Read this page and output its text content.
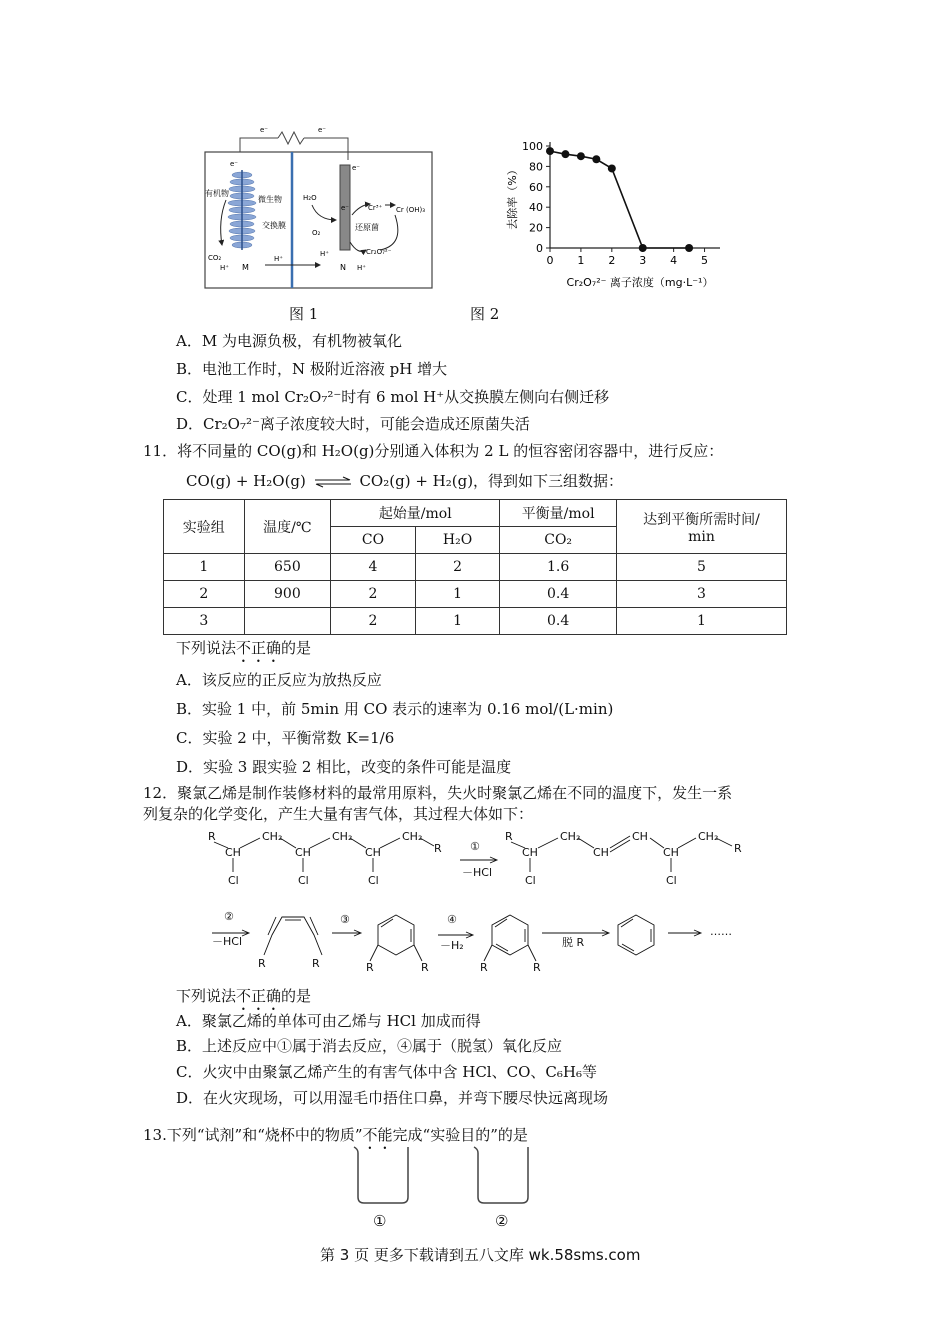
e⁻	e⁻
e⁻	e⁻
e⁻
有机物
微生物
交换膜
H₂O
O₂
H⁺
Cr³⁺ Cr (OH)₃
还原菌
Cr₂O₇²⁻
CO₂
H⁺ M
H⁺
N H⁺
图 1
0
20
40
60
80
100
0 1 2 3 4 5
去除率（%）
Cr₂O₇²⁻ 离子浓度（mg·L⁻¹）
图 2
A．M 为电源负极，有机物被氧化
B．电池工作时，N 极附近溶液 pH 增大
C．处理 1 mol Cr₂O₇²⁻时有 6 mol H⁺从交换膜左侧向右侧迁移
D．Cr₂O₇²⁻离子浓度较大时，可能会造成还原菌失活
11．将不同量的 CO(g)和 H₂O(g)分别通入体积为 2 L 的恒容密闭容器中，进行反应：
CO(g) + H₂O(g) ⇌ CO₂(g) + H₂(g)，得到如下三组数据：
实验组	温度/℃	起始量/mol		平衡量/mol	达到平衡所需时间/
min
		CO	H₂O	CO₂	
1	650	4	2	1.6	5
2	900	2	1	0.4	3
3		2	1	0.4	1
下列说法不正确的是
A．该反应的正反应为放热反应
B．实验 1 中，前 5min 用 CO 表示的速率为 0.16 mol/(L·min)
C．实验 2 中，平衡常数 K=1/6
D．实验 3 跟实验 2 相比，改变的条件可能是温度
12．聚氯乙烯是制作装修材料的最常用原料，失火时聚氯乙烯在不同的温度下，发生一系
列复杂的化学变化，产生大量有害气体，其过程大体如下：
R
CH
Cl
CH₂
CH
Cl
CH₂
CH
Cl
CH₂
R	①
－HCl
R
CH
Cl
CH₂
CH
CH
CH
Cl
CH₂
R
②
－HCl
R	R
③
R	R
④
－H₂
R	R
脱 R
……
下列说法不正确的是
A．聚氯乙烯的单体可由乙烯与 HCl 加成而得
B．上述反应中①属于消去反应，④属于（脱氢）氧化反应
C．火灾中由聚氯乙烯产生的有害气体中含 HCl、CO、C₆H₆等
D．在火灾现场，可以用湿毛巾捂住口鼻，并弯下腰尽快远离现场
13.下列“试剂”和“烧杯中的物质”不能完成“实验目的”的是
①	②
第 3 页 更多下载请到五八文库 wk.58sms.com
